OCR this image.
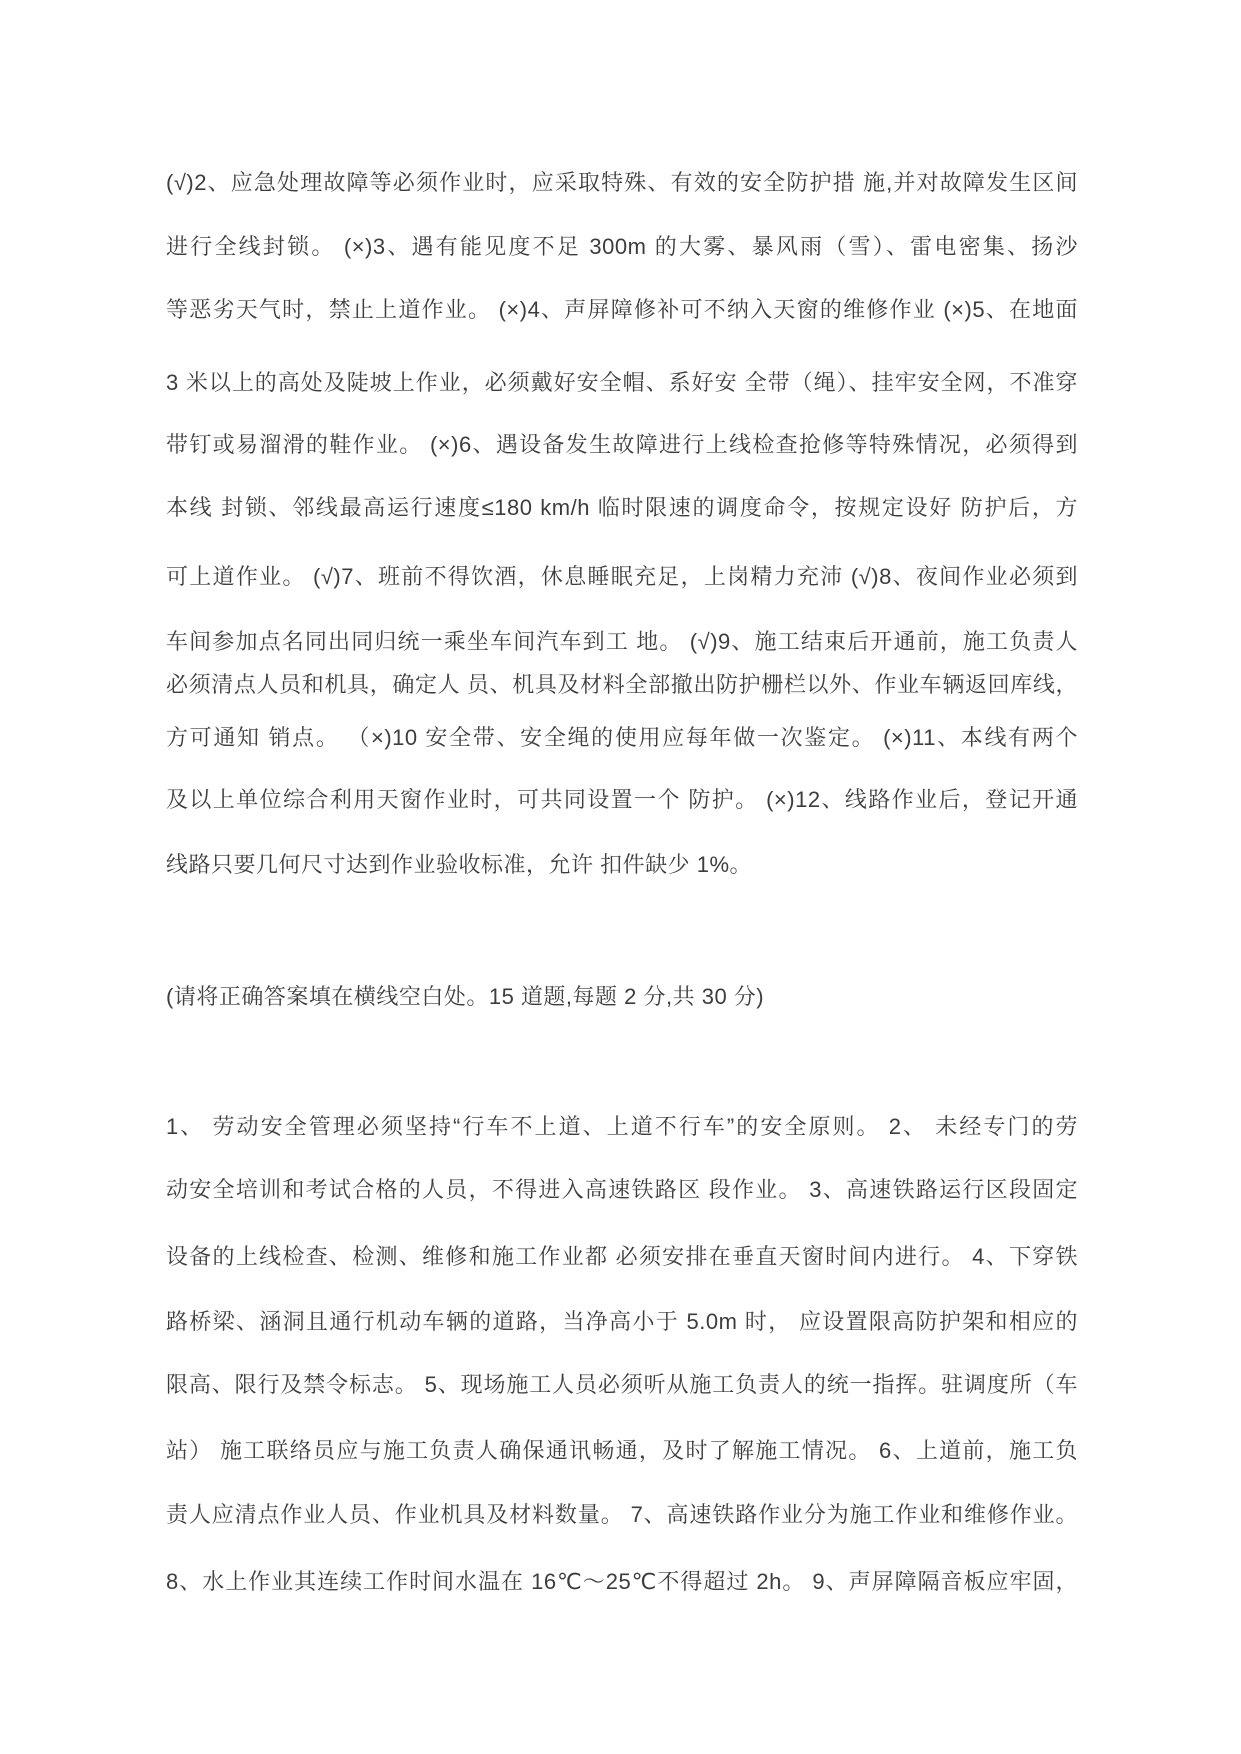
(√)2、应急处理故障等必须作业时，应采取特殊、有效的安全防护措 施,并对故障发生区间
进行全线封锁。 (×)3、遇有能见度不足 300m 的大雾、暴风雨（雪）、雷电密集、扬沙
等恶劣天气时，禁止上道作业。 (×)4、声屏障修补可不纳入天窗的维修作业 (×)5、在地面
3 米以上的高处及陡坡上作业，必须戴好安全帽、系好安 全带（绳）、挂牢安全网，不准穿
带钉或易溜滑的鞋作业。 (×)6、遇设备发生故障进行上线检查抢修等特殊情况，必须得到
本线 封锁、邻线最高运行速度≤180 km/h 临时限速的调度命令，按规定设好 防护后，方
可上道作业。 (√)7、班前不得饮酒，休息睡眠充足，上岗精力充沛 (√)8、夜间作业必须到
车间参加点名同出同归统一乘坐车间汽车到工 地。 (√)9、施工结束后开通前，施工负责人
必须清点人员和机具，确定人 员、机具及材料全部撤出防护栅栏以外、作业车辆返回库线，
方可通知 销点。 （×)10 安全带、安全绳的使用应每年做一次鉴定。 (×)11、本线有两个
及以上单位综合利用天窗作业时，可共同设置一个 防护。 (×)12、线路作业后，登记开通
线路只要几何尺寸达到作业验收标准，允许 扣件缺少 1%。
(请将正确答案填在横线空白处。15 道题,每题 2 分,共 30 分)
1、 劳动安全管理必须坚持“行车不上道、上道不行车”的安全原则。 2、 未经专门的劳
动安全培训和考试合格的人员，不得进入高速铁路区 段作业。 3、高速铁路运行区段固定
设备的上线检查、检测、维修和施工作业都 必须安排在垂直天窗时间内进行。 4、下穿铁
路桥梁、涵洞且通行机动车辆的道路，当净高小于 5.0m 时， 应设置限高防护架和相应的
限高、限行及禁令标志。 5、现场施工人员必须听从施工负责人的统一指挥。驻调度所（车
站） 施工联络员应与施工负责人确保通讯畅通，及时了解施工情况。 6、上道前，施工负
责人应清点作业人员、作业机具及材料数量。 7、高速铁路作业分为施工作业和维修作业。
8、水上作业其连续工作时间水温在 16℃～25℃不得超过 2h。 9、声屏障隔音板应牢固，
